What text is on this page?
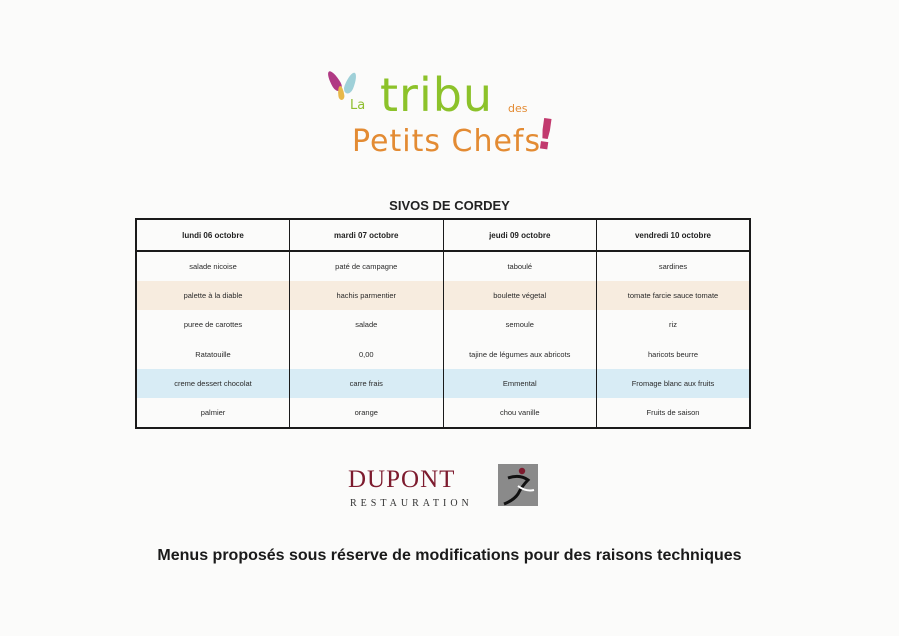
La tribu des
Petits Chefs
!
SIVOS DE CORDEY
lundi 06 octobre	mardi 07 octobre	jeudi 09 octobre	vendredi 10 octobre
salade nicoise	paté de campagne	taboulé	sardines
palette à la diable	hachis parmentier	boulette végetal	tomate farcie sauce tomate
puree de carottes	salade	semoule	riz
Ratatouille	0,00	tajine de légumes aux abricots	haricots beurre
creme dessert chocolat	carre frais	Emmental	Fromage blanc aux fruits
palmier	orange	chou vanille	Fruits de saison
DUPONT
RESTAURATION
Menus proposés sous réserve de modifications pour des raisons techniques
